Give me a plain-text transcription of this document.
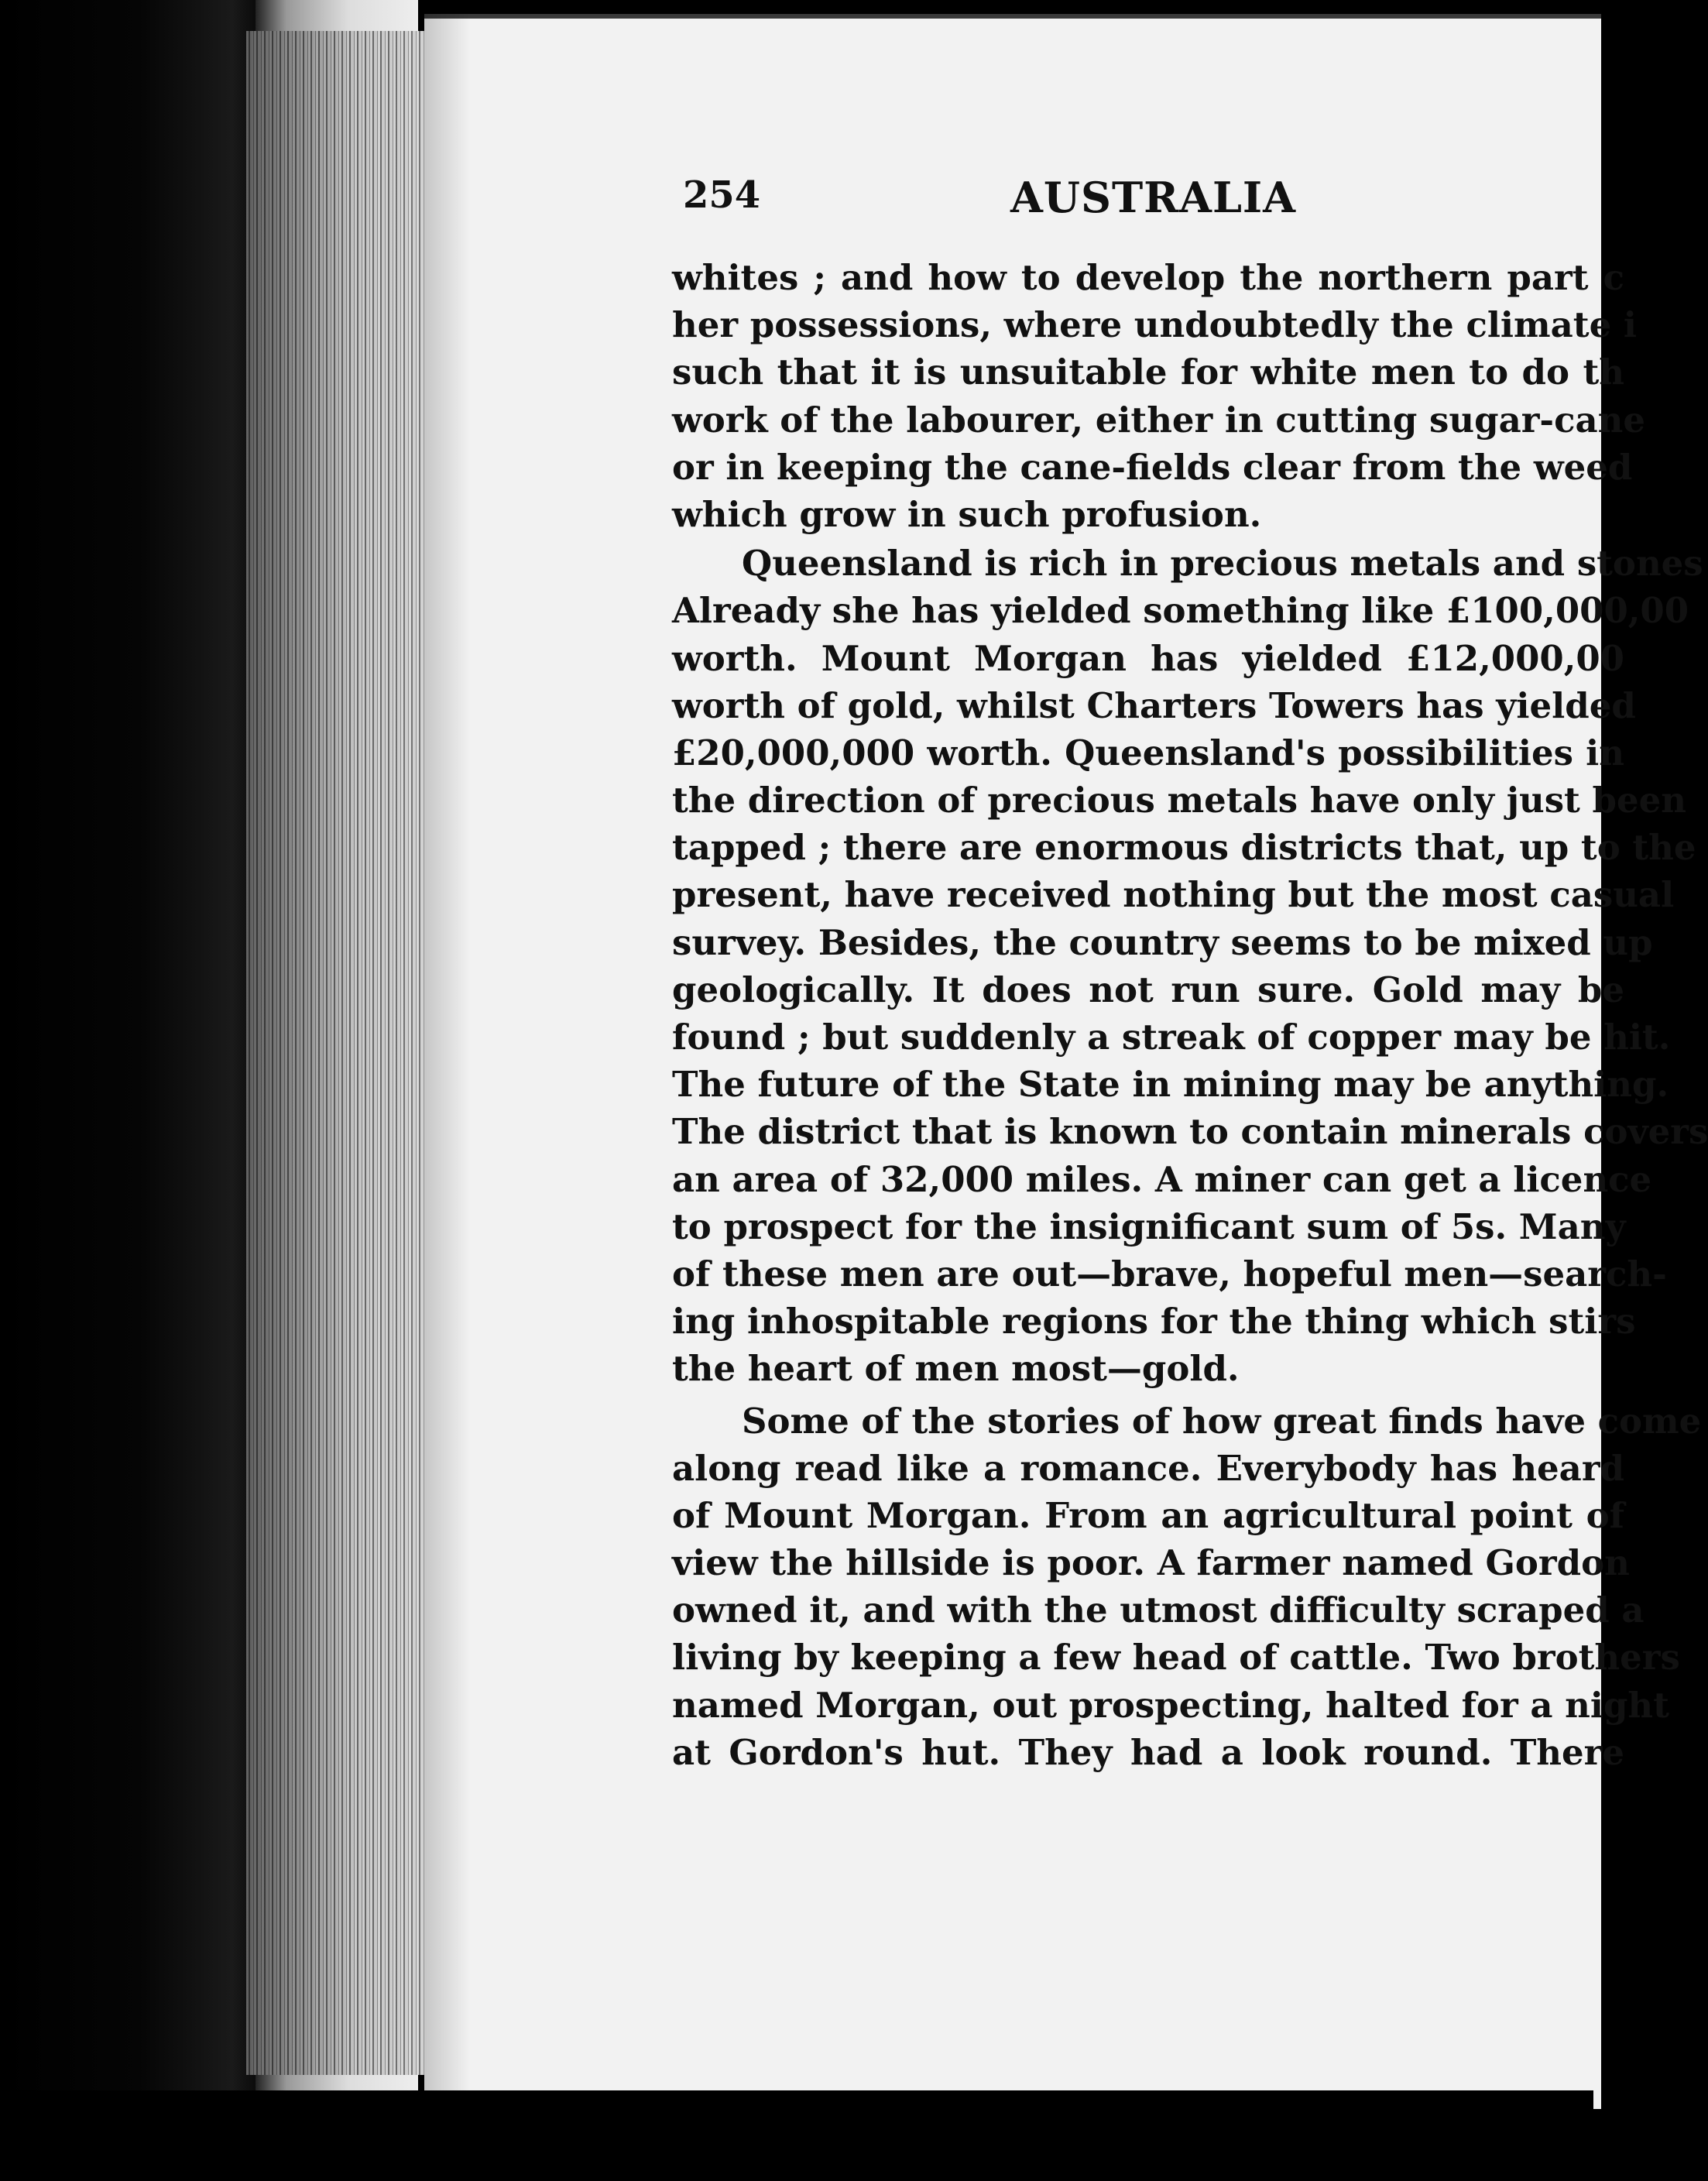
254	AUSTRALIA
whites ; and how to develop the northern part c
her possessions, where undoubtedly the climate i
such that it is unsuitable for white men to do th
work of the labourer, either in cutting sugar-cane
or in keeping the cane-fields clear from the weed
which grow in such profusion.
Queensland is rich in precious metals and stones
Already she has yielded something like £100,000,00
worth. Mount Morgan has yielded £12,000,00
worth of gold, whilst Charters Towers has yielded
£20,000,000 worth. Queensland's possibilities in
the direction of precious metals have only just been
tapped ; there are enormous districts that, up to the
present, have received nothing but the most casual
survey. Besides, the country seems to be mixed up
geologically. It does not run sure. Gold may be
found ; but suddenly a streak of copper may be hit.
The future of the State in mining may be anything.
The district that is known to contain minerals covers
an area of 32,000 miles. A miner can get a licence
to prospect for the insignificant sum of 5s. Many
of these men are out—brave, hopeful men—search-
ing inhospitable regions for the thing which stirs
the heart of men most—gold.
Some of the stories of how great finds have come
along read like a romance. Everybody has heard
of Mount Morgan. From an agricultural point of
view the hillside is poor. A farmer named Gordon
owned it, and with the utmost difficulty scraped a
living by keeping a few head of cattle. Two brothers
named Morgan, out prospecting, halted for a night
at Gordon's hut. They had a look round. There
